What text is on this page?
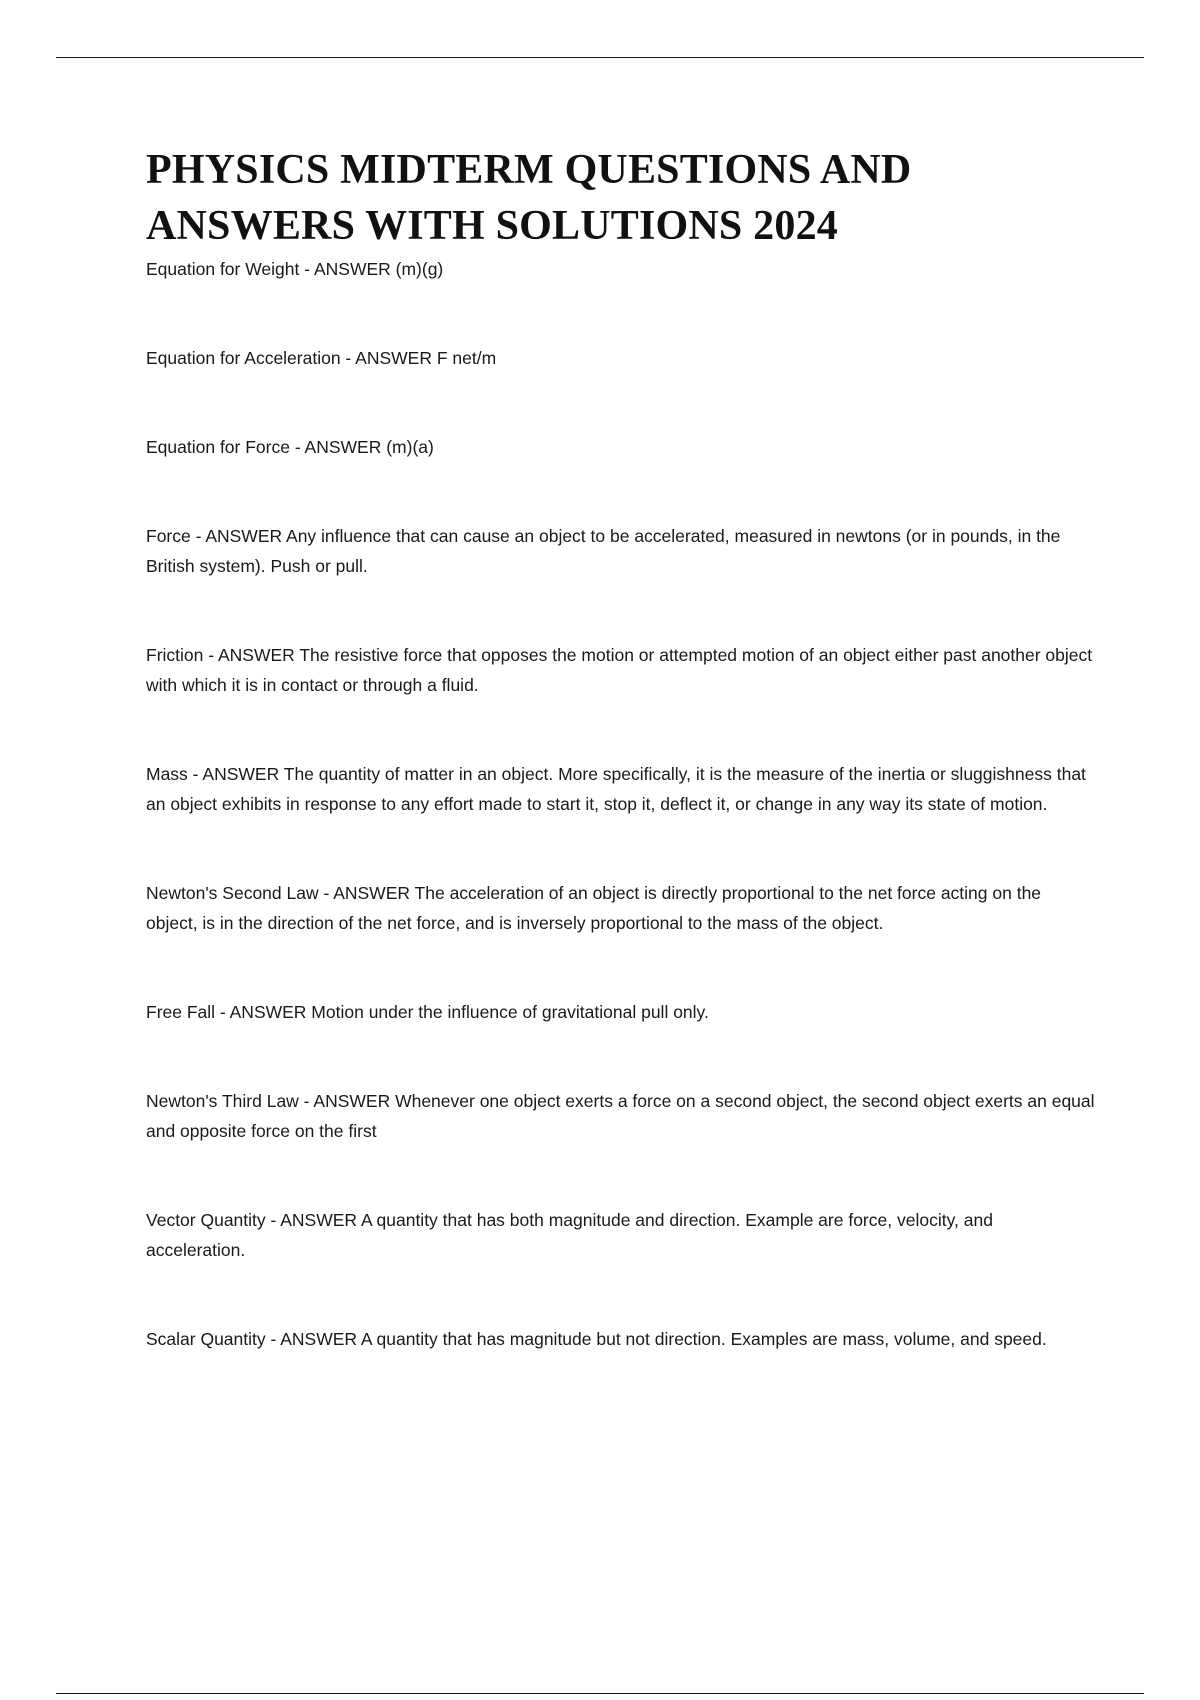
PHYSICS MIDTERM QUESTIONS AND ANSWERS WITH SOLUTIONS 2024
Equation for Weight - ANSWER (m)(g)
Equation for Acceleration - ANSWER F net/m
Equation for Force - ANSWER (m)(a)
Force - ANSWER Any influence that can cause an object to be accelerated, measured in newtons (or in pounds, in the British system). Push or pull.
Friction - ANSWER The resistive force that opposes the motion or attempted motion of an object either past another object with which it is in contact or through a fluid.
Mass - ANSWER The quantity of matter in an object. More specifically, it is the measure of the inertia or sluggishness that an object exhibits in response to any effort made to start it, stop it, deflect it, or change in any way its state of motion.
Newton's Second Law - ANSWER The acceleration of an object is directly proportional to the net force acting on the object, is in the direction of the net force, and is inversely proportional to the mass of the object.
Free Fall - ANSWER Motion under the influence of gravitational pull only.
Newton's Third Law - ANSWER Whenever one object exerts a force on a second object, the second object exerts an equal and opposite force on the first
Vector Quantity - ANSWER A quantity that has both magnitude and direction. Example are force, velocity, and acceleration.
Scalar Quantity - ANSWER A quantity that has magnitude but not direction. Examples are mass, volume, and speed.
